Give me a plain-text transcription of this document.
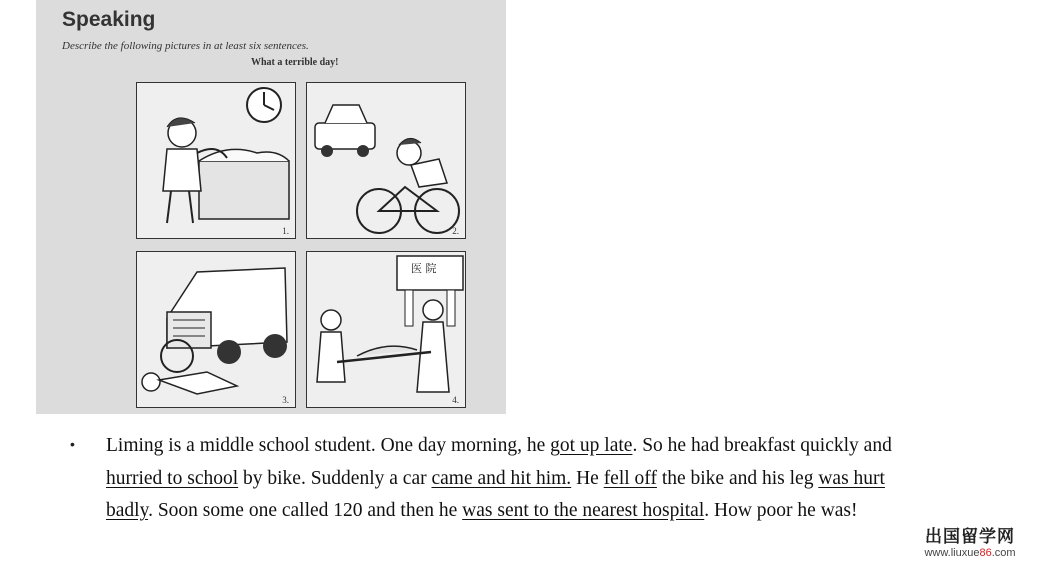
Speaking
Describe the following pictures in at least six sentences.
What a terrible day!
1.	2.
3.
医 院
4.
• Liming is a middle school student. One day morning, he got up late. So he had breakfast quickly and hurried to school by bike. Suddenly a car came and hit him. He fell off the bike and his leg was hurt badly. Soon some one called 120 and then he was sent to the nearest hospital. How poor he was!
出国留学网
www.liuxue86.com
